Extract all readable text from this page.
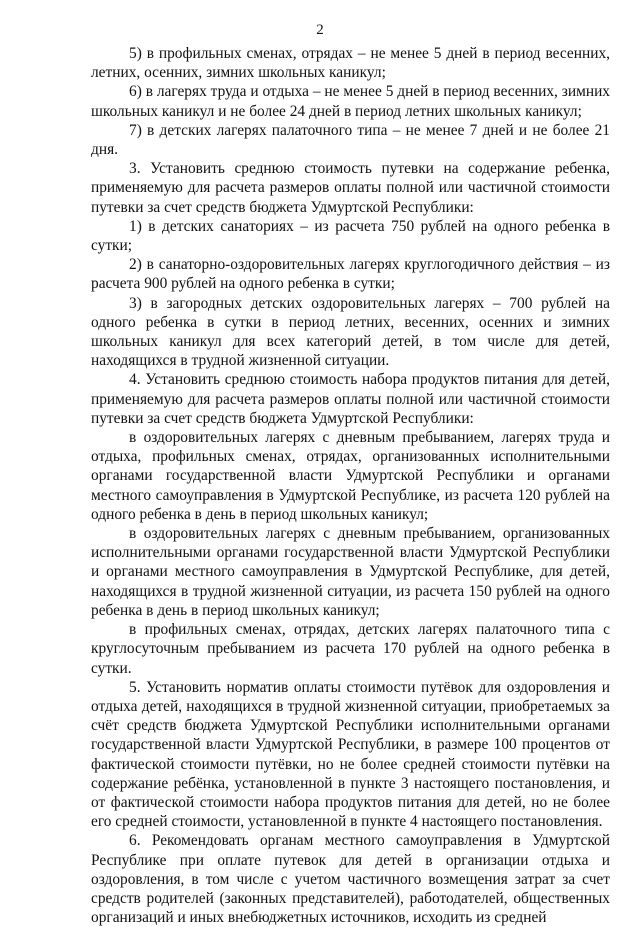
2

5) в профильных сменах, отрядах – не менее 5 дней в период весенних, летних, осенних, зимних школьных каникул;

6) в лагерях труда и отдыха – не менее 5 дней в период весенних, зимних школьных каникул и не более 24 дней в период летних школьных каникул;

7) в детских лагерях палаточного типа – не менее 7 дней и не более 21 дня.

3. Установить среднюю стоимость путевки на содержание ребенка, применяемую для расчета размеров оплаты полной или частичной стоимости путевки за счет средств бюджета Удмуртской Республики:

1) в детских санаториях – из расчета 750 рублей на одного ребенка в сутки;

2) в санаторно-оздоровительных лагерях круглогодичного действия – из расчета 900 рублей на одного ребенка в сутки;

3) в загородных детских оздоровительных лагерях – 700 рублей на одного ребенка в сутки в период летних, весенних, осенних и зимних школьных каникул для всех категорий детей, в том числе для детей, находящихся в трудной жизненной ситуации.

4. Установить среднюю стоимость набора продуктов питания для детей, применяемую для расчета размеров оплаты полной или частичной стоимости путевки за счет средств бюджета Удмуртской Республики:

в оздоровительных лагерях с дневным пребыванием, лагерях труда и отдыха, профильных сменах, отрядах, организованных исполнительными органами государственной власти Удмуртской Республики и органами местного самоуправления в Удмуртской Республике, из расчета 120 рублей на одного ребенка в день в период школьных каникул;

в оздоровительных лагерях с дневным пребыванием, организованных исполнительными органами государственной власти Удмуртской Республики и органами местного самоуправления в Удмуртской Республике, для детей, находящихся в трудной жизненной ситуации, из расчета 150 рублей на одного ребенка в день в период школьных каникул;

в профильных сменах, отрядах, детских лагерях палаточного типа с круглосуточным пребыванием из расчета 170 рублей на одного ребенка в сутки.

5. Установить норматив оплаты стоимости путёвок для оздоровления и отдыха детей, находящихся в трудной жизненной ситуации, приобретаемых за счёт средств бюджета Удмуртской Республики исполнительными органами государственной власти Удмуртской Республики, в размере 100 процентов от фактической стоимости путёвки, но не более средней стоимости путёвки на содержание ребёнка, установленной в пункте 3 настоящего постановления, и от фактической стоимости набора продуктов питания для детей, но не более его средней стоимости, установленной в пункте 4 настоящего постановления.

6. Рекомендовать органам местного самоуправления в Удмуртской Республике при оплате путевок для детей в организации отдыха и оздоровления, в том числе с учетом частичного возмещения затрат за счет средств родителей (законных представителей), работодателей, общественных организаций и иных внебюджетных источников, исходить из средней
